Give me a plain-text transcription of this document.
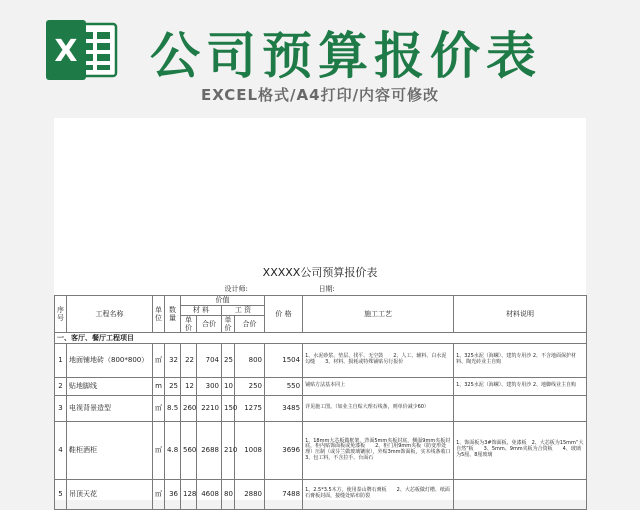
X 公司预算报价表
EXCEL格式/A4打印/内容可修改
XXXXX公司预算报价表
			设计师:						日期:	
序号	工程名称	单位	数量	价值				价 格	施工工艺	材料说明
				材 料		工 资				
				单价	合价	单价	合价			
一、客厅、餐厅工程项目										
1	地面铺地砖（800*800）	㎡	32	22	704	25	800	1504	1、水泥砂浆、垫层、找平、无空鼓　　2、人工、辅料、白水泥勾缝　　3、材料、损耗或特殊铺贴另行报价	1、325水泥（海螺）、建筑专用沙 2、不含地面保护材料、陶光砖业主自购
2	贴地脚线	m	25	12	300	10	250	550	铺贴方法基本同上	1、325水泥（海螺）、建筑专用沙 2、地脚线业主自购
3	电视背景造型	㎡	8.5	260	2210	150	1275	3485	详见施工图。（如业主自贴大理石线条，则单价减少60）	
4	鞋柜酒柜	㎡	4.8	560	2688	210	1008	3696	1、18mm大芯板做框架，背面5mm夹板封底，侧面9mm夹板封底，柜内贴饰面板或免漆板　　2、柜门用9mm夹板（防变形处理）压制（或芬兰做玻璃镶嵌），外贴3mm饰面板，实木线条收口　　3、包工料，不含拉手、台面石	1、饰面板为3#饰面板、免漆板　2、大芯板为15mm“大自然”板　　3、5mm、9mm夹板为合资板　　4、玻璃为5厘、8厘玻璃
5	吊顶天花	㎡	36	128	4608	80	2880	7488	1、2.5*3.5木方，使用泰山牌石膏板　　2、大芯板做灯槽、纸面石膏板封面，接缝处贴布防裂	
